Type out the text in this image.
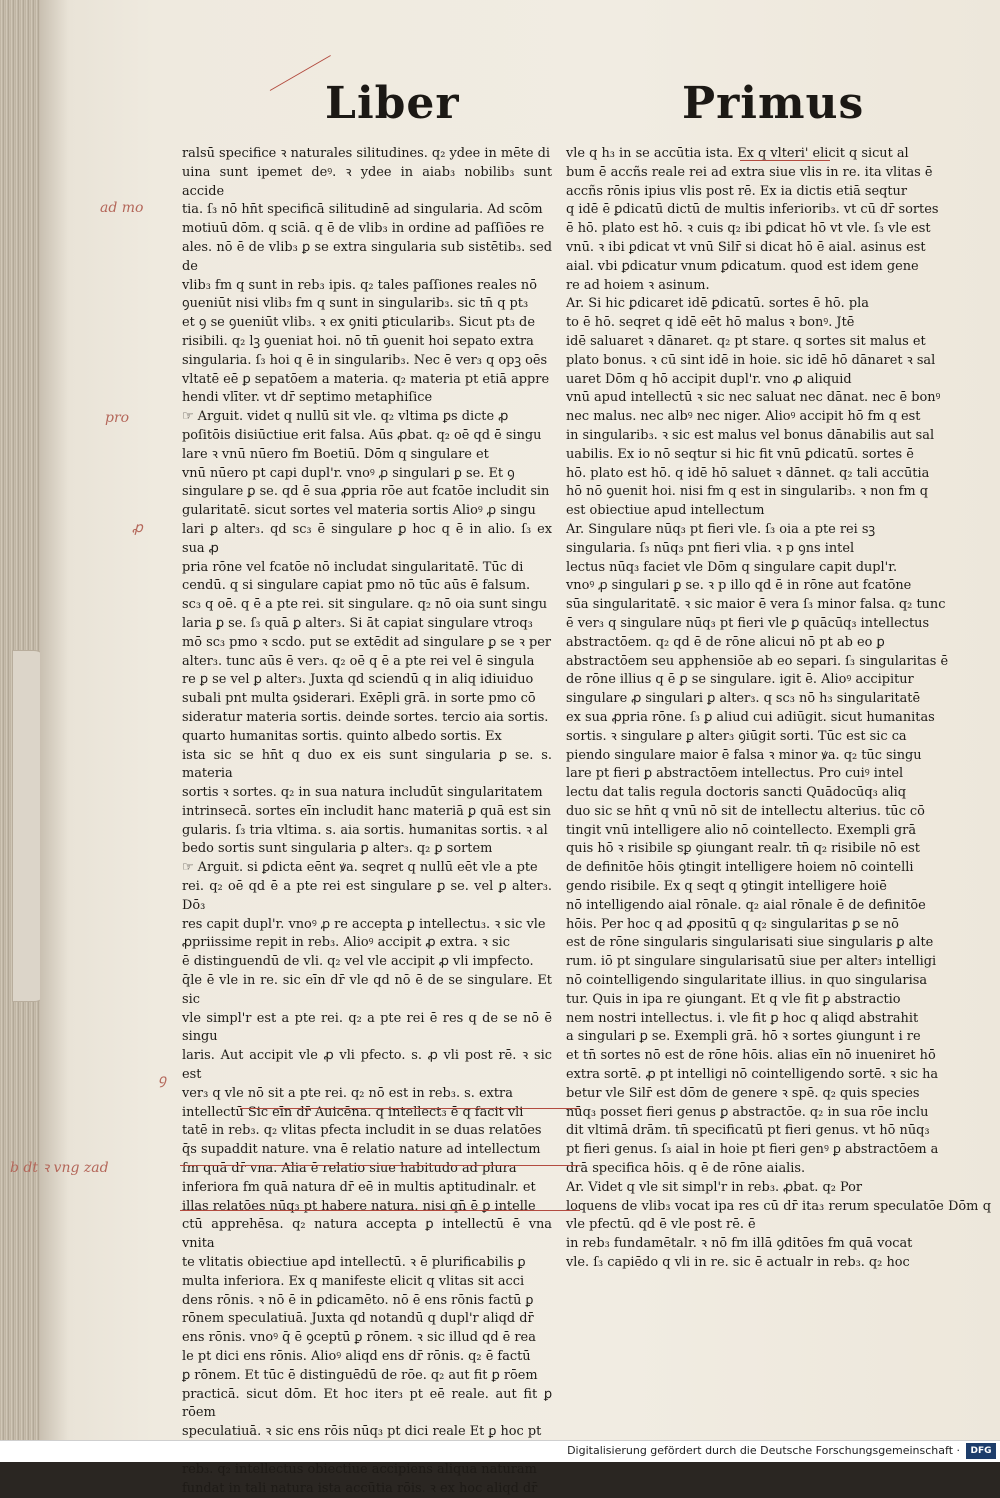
Liber	Primus

ralsū specifice ꝛ naturales silitudines. q₂ ydee in mēte di

uina sunt ipemet deꝰ. ꝛ ydee in aiab₃ nobilib₃ sunt accide

tia. ſ₃ nō hn̄t specificā silitudinē ad singularia. Ad scōm

motiuū dōm. q sciā. q ē de vlib₃ in ordine ad paſſiōes re

ales. nō ē de vlib₃ ꝑ se extra singularia sub sistētib₃. sed de

vlib₃ fm q sunt in reb₃ ipis. q₂ tales paſſiones reales nō

ꝯueniūt nisi vlib₃ fm q sunt in singularib₃. sic tn̄ q pt₃

et ꝯ se ꝯueniūt vlib₃. ꝛ ex ꝯniti ꝑticularib₃. Sicut pt₃ de

risibili. q₂ lꝫ ꝯueniat hoi. nō tn̄ ꝯuenit hoi sepato extra

singularia. ſ₃ hoi q ē in singularib₃. Nec ē ver₃ q opꝫ oēs

vltatē eē ꝑ sepatōem a materia. q₂ materia pt etiā appre

hendi vlīter. vt dr̄ septimo metaphiſice

☞ Arguit. videt q nullū sit vle. q₂ vltima ꝑs dicte ꝓ

poſitōis disiūctiue erit falsa. Aūs ꝓbat. q₂ oē qd ē singu

lare ꝛ vnū nūero fm Boetiū. Dōm q singulare et

vnū nūero pt capi dupl'r. vnoꝰ ꝓ singulari ꝑ se. Et ꝯ

singulare ꝑ se. qd ē sua ꝓpria rōe aut fcatōe includit sin

gularitatē. sicut sortes vel materia sortis Alioꝰ ꝓ singu

lari ꝑ alter₃. qd sc₃ ē singulare ꝑ hoc q ē in alio. ſ₃ ex sua ꝓ

pria rōne vel fcatōe nō includat singularitatē. Tūc di

cendū. q si singulare capiat pmo nō tūc aūs ē falsum.

sc₃ q oē. q ē a pte rei. sit singulare. q₂ nō oia sunt singu

laria ꝑ se. ſ₃ quā ꝑ alter₃. Si āt capiat singulare vtroq₃

mō sc₃ pmo ꝛ scdo. put se extēdit ad singulare ꝑ se ꝛ per

alter₃. tunc aūs ē ver₃. q₂ oē q ē a pte rei vel ē singula

re ꝑ se vel ꝑ alter₃. Juxta qd sciendū q in aliq idiuiduo

subali pnt multa ꝯsiderari. Exēpli grā. in sorte pmo cō

sideratur materia sortis. deinde sortes. tercio aia sortis.

quarto humanitas sortis. quinto albedo sortis. Ex

ista sic se hn̄t q duo ex eis sunt singularia ꝑ se. s. materia

sortis ꝛ sortes. q₂ in sua natura includūt singularitatem

intrinsecā. sortes eīn includit hanc materiā ꝑ quā est sin

gularis. ſ₃ tria vltima. s. aia sortis. humanitas sortis. ꝛ al

bedo sortis sunt singularia ꝑ alter₃. q₂ ꝑ sortem

☞ Arguit. si ꝑdicta eēnt ꝟa. seqret q nullū eēt vle a pte

rei. q₂ oē qd ē a pte rei est singulare ꝑ se. vel ꝑ alter₃. Dō₃

res capit dupl'r. vnoꝰ ꝓ re accepta ꝑ intellectu₃. ꝛ sic vle

ꝓpriissime repit in reb₃. Alioꝰ accipit ꝓ extra. ꝛ sic

ē distinguendū de vli. q₂ vel vle accipit ꝓ vli impfecto.

q̄le ē vle in re. sic eīn dr̄ vle qd nō ē de se singulare. Et sic

vle simpl'r est a pte rei. q₂ a pte rei ē res q de se nō ē singu

laris. Aut accipit vle ꝓ vli pfecto. s. ꝓ vli post rē. ꝛ sic est

ver₃ q vle nō sit a pte rei. q₂ nō est in reb₃. s. extra

intellectū Sic eīn dr̄ Auicēna. q intellect₃ ē q facit vli

tatē in reb₃. q₂ vlitas pfecta includit in se duas relatōes

q̄s supaddit nature. vna ē relatio nature ad intellectum

fm quā dr̄ vna. Alia ē relatio siue habitudo ad plura

inferiora fm quā natura dr̄ eē in multis aptitudinalr. et

illas relatōes nūq₃ pt habere natura. nisi qn̄ ē ꝑ intelle

ctū apprehēsa. q₂ natura accepta ꝑ intellectū ē vna vnita

te vlitatis obiectiue apd intellectū. ꝛ ē plurificabilis ꝑ

multa inferiora. Ex q manifeste elicit q vlitas sit acci

dens rōnis. ꝛ nō ē in ꝑdicamēto. nō ē ens rōnis factū ꝑ

rōnem speculatiuā. Juxta qd notandū q dupl'r aliqd dr̄

ens rōnis. vnoꝰ q̄ ē ꝯceptū ꝑ rōnem. ꝛ sic illud qd ē rea

le pt dici ens rōnis. Alioꝰ aliqd ens dr̄ rōnis. q₂ ē factū

ꝑ rōnem. Et tūc ē distinguēdū de rōe. q₂ aut fit ꝑ rōem

practicā. sicut dōm. Et hoc iter₃ pt eē reale. aut fit ꝑ rōem

speculatiuā. ꝛ sic ens rōis nūq₃ pt dici reale Et ꝑ hoc pt

reb₃. q₂ intellectus obiectiue accipiens aliqua naturam

fundat in tali natura ista accūtia rōis. ꝛ ex hoc aliqd dr̄

vle q h₃ in se accūtia ista. Ex q vlteri' elicit q sicut al

bum ē accñs reale rei ad extra siue vlis in re. ita vlitas ē

accñs rōnis ipius vlis post rē. Ex ia dictis etiā seqtur

q idē ē ꝑdicatū dictū de multis inferiorib₃. vt cū dr̄ sortes

ē hō. plato est hō. ꝛ cuis q₂ ibi ꝑdicat hō vt vle. ſ₃ vle est

vnū. ꝛ ibi ꝑdicat vt vnū Silr̄ si dicat hō ē aial. asinus est

aial. vbi ꝑdicatur vnum ꝑdicatum. quod est idem gene

re ad hoiem ꝛ asinum.

Ar. Si hic ꝑdicaret idē ꝑdicatū. sortes ē hō. pla

to ē hō. seqret q idē eēt hō malus ꝛ bonꝰ. Jtē

idē saluaret ꝛ dānaret. q₂ pt stare. q sortes sit malus et

plato bonus. ꝛ cū sint idē in hoie. sic idē hō dānaret ꝛ sal

uaret Dōm q hō accipit dupl'r. vno ꝓ aliquid

vnū apud intellectū ꝛ sic nec saluat nec dānat. nec ē bonꝰ

nec malus. nec albꝰ nec niger. Alioꝰ accipit hō fm q est

in singularib₃. ꝛ sic est malus vel bonus dānabilis aut sal

uabilis. Ex io nō seqtur si hic fit vnū ꝑdicatū. sortes ē

hō. plato est hō. q idē hō saluet ꝛ dānnet. q₂ tali accūtia

hō nō ꝯuenit hoi. nisi fm q est in singularib₃. ꝛ non fm q

est obiectiue apud intellectum

Ar. Singulare nūq₃ pt fieri vle. ſ₃ oia a pte rei sꝫ

singularia. ſ₃ nūq₃ pnt fieri vlia. ꝛ p ꝯns intel

lectus nūq₃ faciet vle Dōm q singulare capit dupl'r.

vnoꝰ ꝓ singulari ꝑ se. ꝛ p illo qd ē in rōne aut fcatōne

sūa singularitatē. ꝛ sic maior ē vera ſ₃ minor falsa. q₂ tunc

ē ver₃ q singulare nūq₃ pt fieri vle ꝑ quācūq₃ intellectus

abstractōem. q₂ qd ē de rōne alicui nō pt ab eo ꝑ

abstractōem seu apphensiōe ab eo separi. ſ₃ singularitas ē

de rōne illius q ē ꝑ se singulare. igit ē. Alioꝰ accipitur

singulare ꝓ singulari ꝑ alter₃. q sc₃ nō h₃ singularitatē

ex sua ꝓpria rōne. ſ₃ ꝑ aliud cui adiūgit. sicut humanitas

sortis. ꝛ singulare ꝑ alter₃ ꝯiūgit sorti. Tūc est sic ca

piendo singulare maior ē falsa ꝛ minor ꝟa. q₂ tūc singu

lare pt fieri ꝑ abstractōem intellectus. Pro cuiꝰ intel

lectu dat talis regula doctoris sancti Quādocūq₃ aliq

duo sic se hn̄t q vnū nō sit de intellectu alterius. tūc cō

tingit vnū intelligere alio nō cointellecto. Exempli grā

quis hō ꝛ risibile sꝑ ꝯiungant realr. tn̄ q₂ risibile nō est

de definitōe hōis ꝯtingit intelligere hoiem nō cointelli

gendo risibile. Ex q seqt q ꝯtingit intelligere hoiē

nō intelligendo aial rōnale. q₂ aial rōnale ē de definitōe

hōis. Per hoc q ad ꝓpositū q q₂ singularitas ꝑ se nō

est de rōne singularis singularisati siue singularis ꝑ alte

rum. iō pt singulare singularisatū siue per alter₃ intelligi

nō cointelligendo singularitate illius. in quo singularisa

tur. Quis in ipa re ꝯiungant. Et q vle fit ꝑ abstractio

nem nostri intellectus. i. vle fit ꝑ hoc q aliqd abstrahit

a singulari ꝑ se. Exempli grā. hō ꝛ sortes ꝯiungunt i re

et tn̄ sortes nō est de rōne hōis. alias eīn nō inueniret hō

extra sortē. ꝓ pt intelligi nō cointelligendo sortē. ꝛ sic ha

betur vle Silr̄ est dōm de genere ꝛ spē. q₂ quis species

nūq₃ posset fieri genus ꝑ abstractōe. q₂ in sua rōe inclu

dit vltimā drām. tn̄ specificatū pt fieri genus. vt hō nūq₃

pt fieri genus. ſ₃ aial in hoie pt fieri genꝰ ꝑ abstractōem a

drā specifica hōis. q ē de rōne aialis.

Ar. Videt q vle sit simpl'r in reb₃. ꝓbat. q₂ Por

loquens de vlib₃ vocat ipa res cū dr̄ ita₃ rerum speculatōe Dōm q vle pfectū. qd ē vle post rē. ē

in reb₃ fundamētalr. ꝛ nō fm illā ꝯditōes fm quā vocat

vle. ſ₃ capiēdo q vli in re. sic ē actualr in reb₃. q₂ hoc

ad mo
pro
ꝓ
ꝯ
b dt ꝛ vng zad
Digitalisierung gefördert durch die Deutsche Forschungsgemeinschaft ·	DFG
